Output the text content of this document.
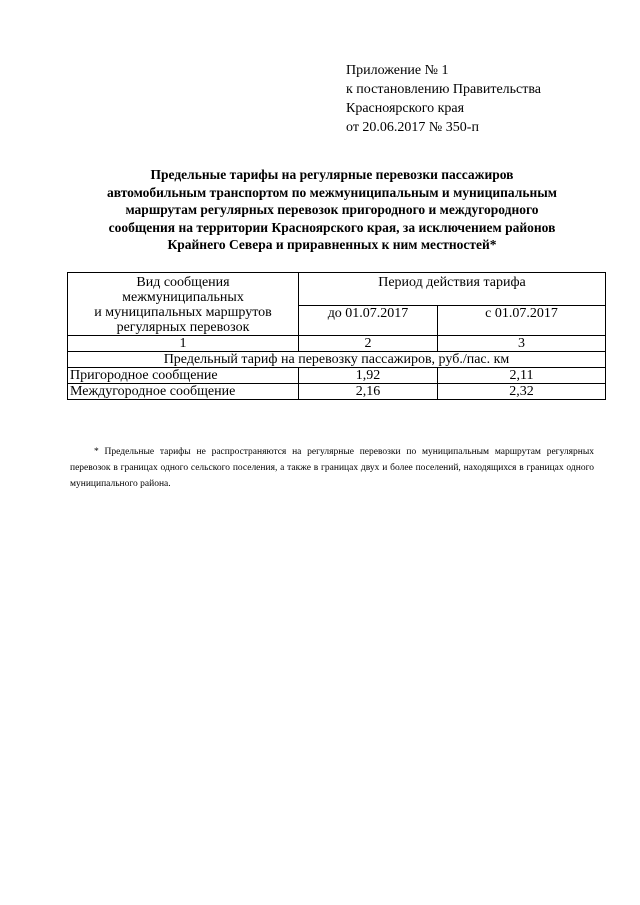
Приложение № 1
к постановлению Правительства
Красноярского края
от 20.06.2017 № 350-п
Предельные тарифы на регулярные перевозки пассажиров
автомобильным транспортом по межмуниципальным и муниципальным
маршрутам регулярных перевозок пригородного и междугородного
сообщения на территории Красноярского края, за исключением районов
Крайнего Севера и приравненных к ним местностей*
Вид сообщения
межмуниципальных
и муниципальных маршрутов
регулярных перевозок	Период действия тарифа	
	до 01.07.2017	с 01.07.2017
1	2	3
Предельный тариф на перевозку пассажиров, руб./пас. км		
Пригородное сообщение	1,92	2,11
Междугородное сообщение	2,16	2,32
* Предельные тарифы не распространяются на регулярные перевозки по муниципальным маршрутам регулярных перевозок в границах одного сельского поселения, а также в границах двух и более поселений, находящихся в границах одного муниципального района.
